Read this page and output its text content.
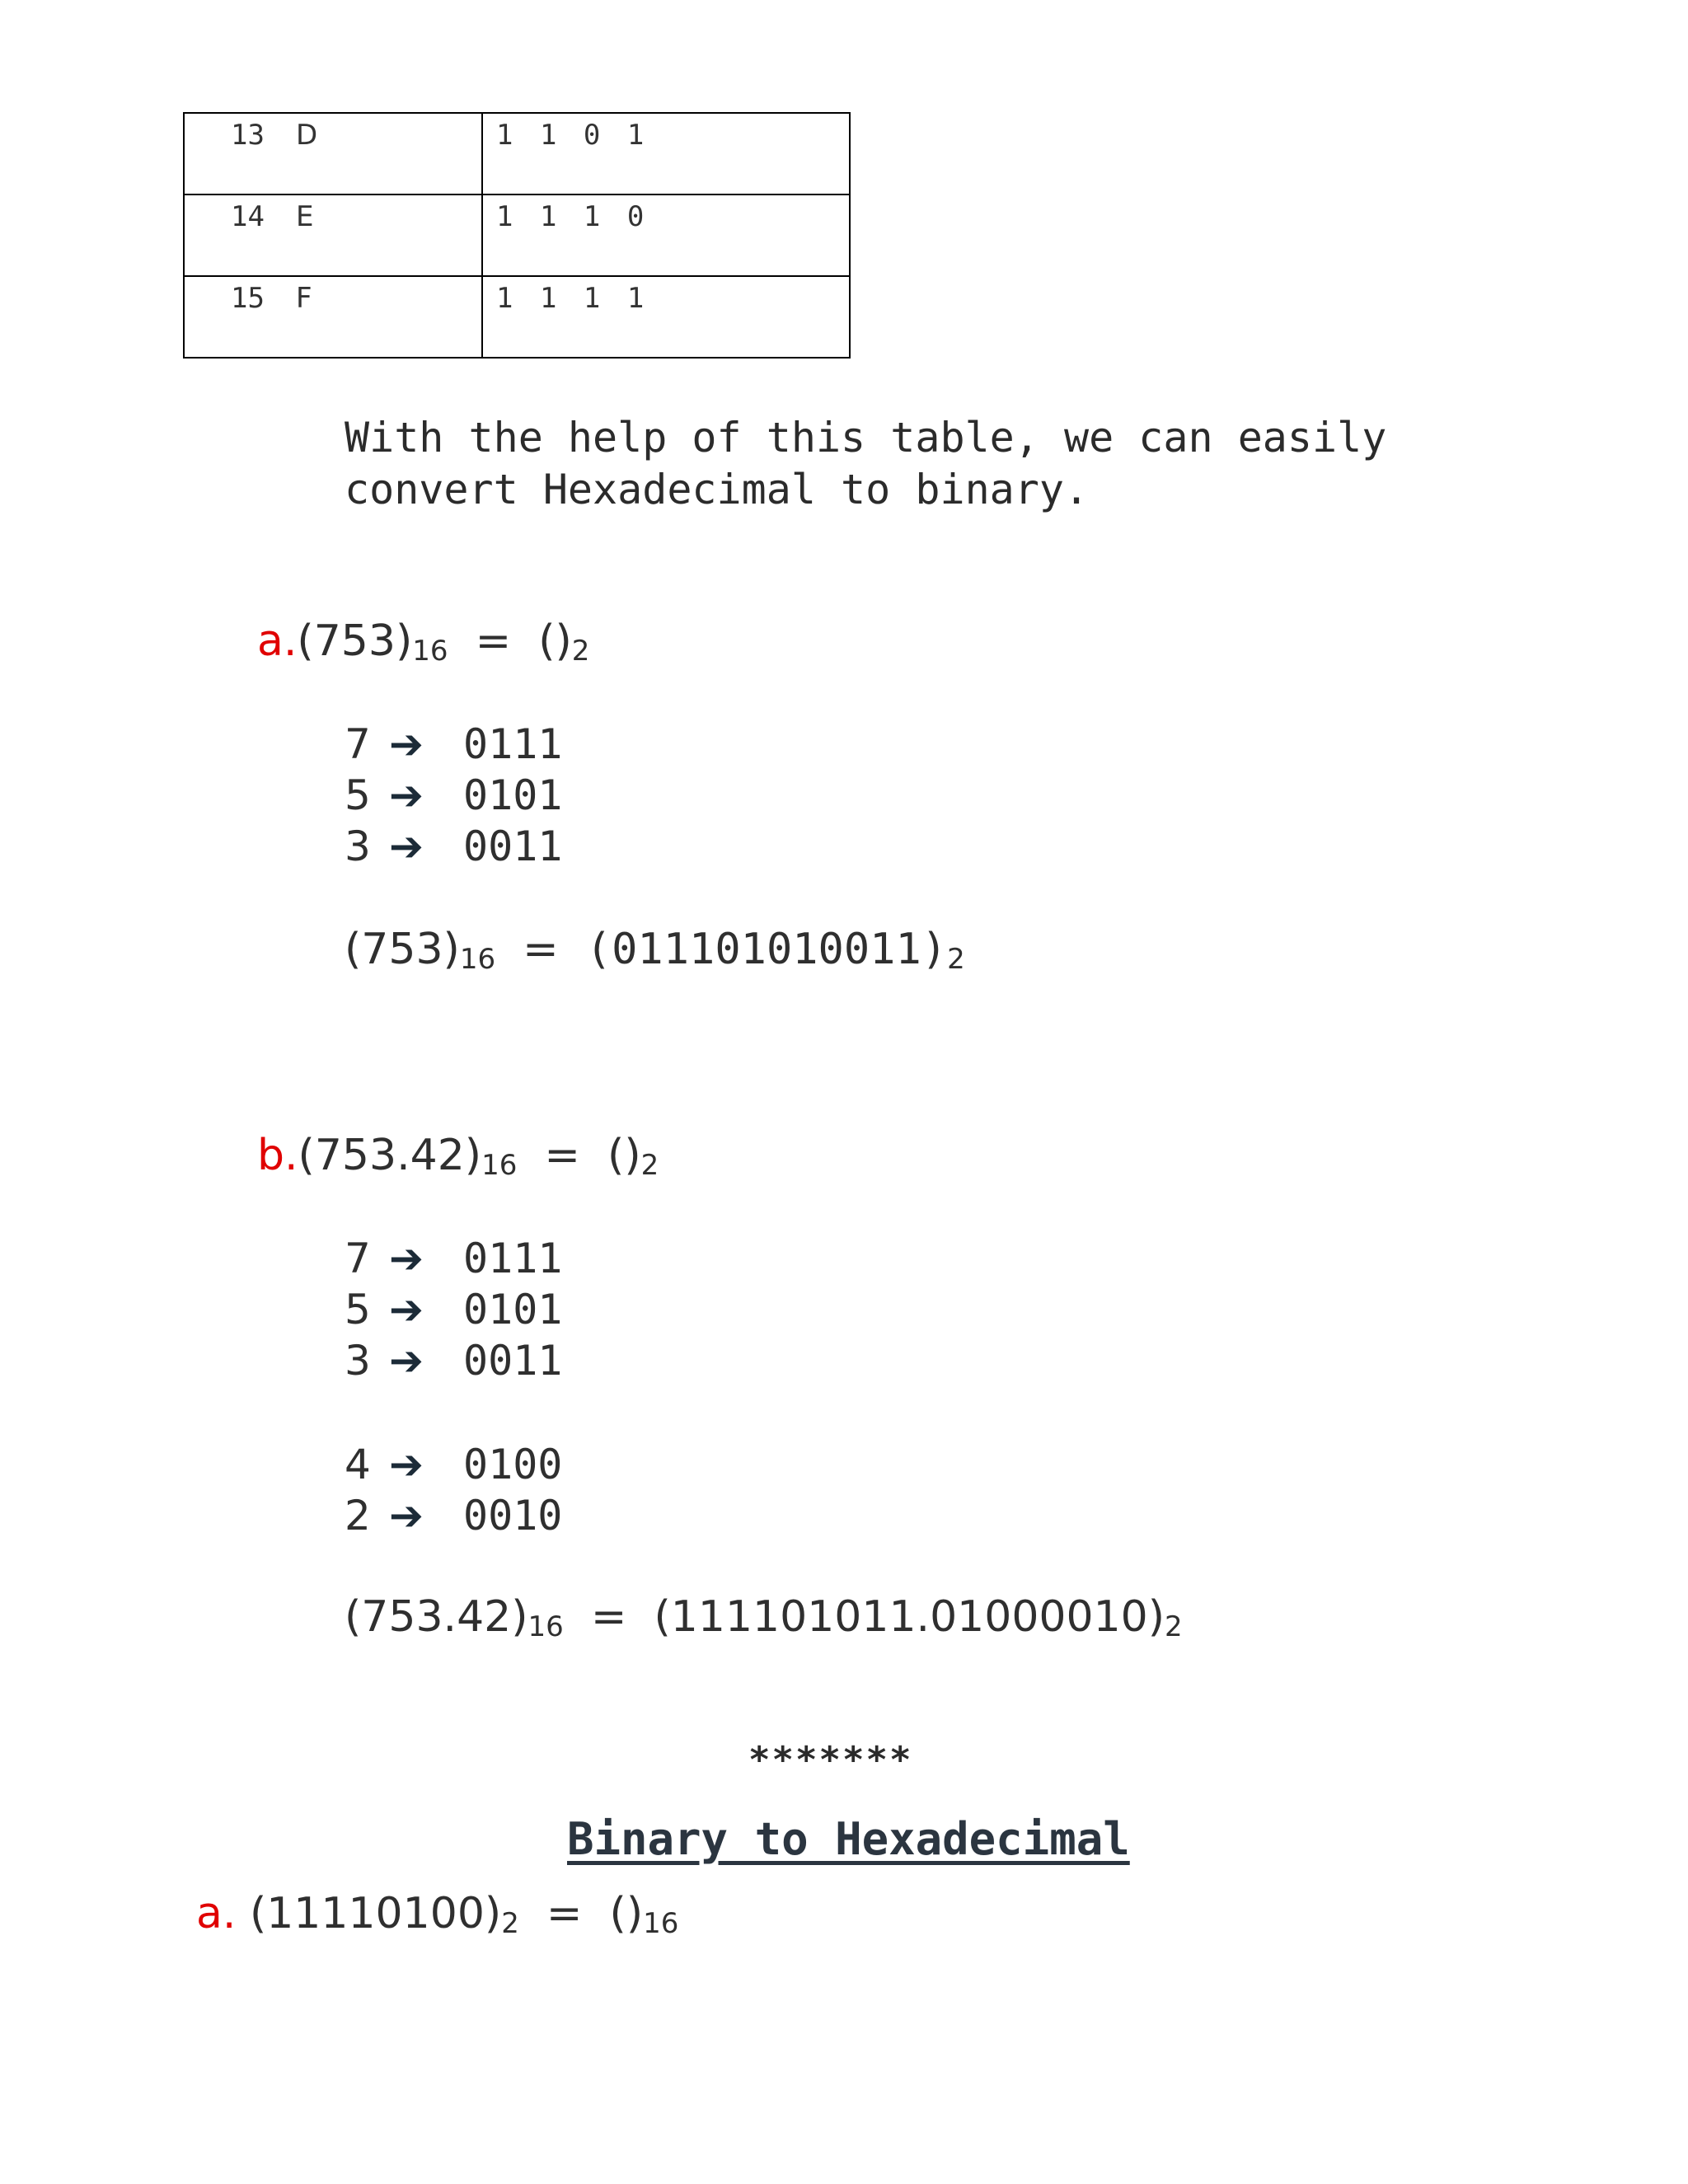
13 D	1 1 0 1

14 E	1 1 1 0

15 F	1 1 1 1
With the help of this table, we can easily
convert Hexadecimal to binary.
$a.(753)_{16} = ()_2$
7 ➔ 0111
5 ➔ 0101
3 ➔ 0011
$(753)_{16} = (011101010011)_2$
$b.(753.42)_{16} = ()_2$
7 ➔ 0111
5 ➔ 0101
3 ➔ 0011
4 ➔ 0100
2 ➔ 0010
$(753.42)_{16} = (111101011.01000010)_2$
*******
Binary to Hexadecimal
a. $(11110100)_2 = ()_{16}$
